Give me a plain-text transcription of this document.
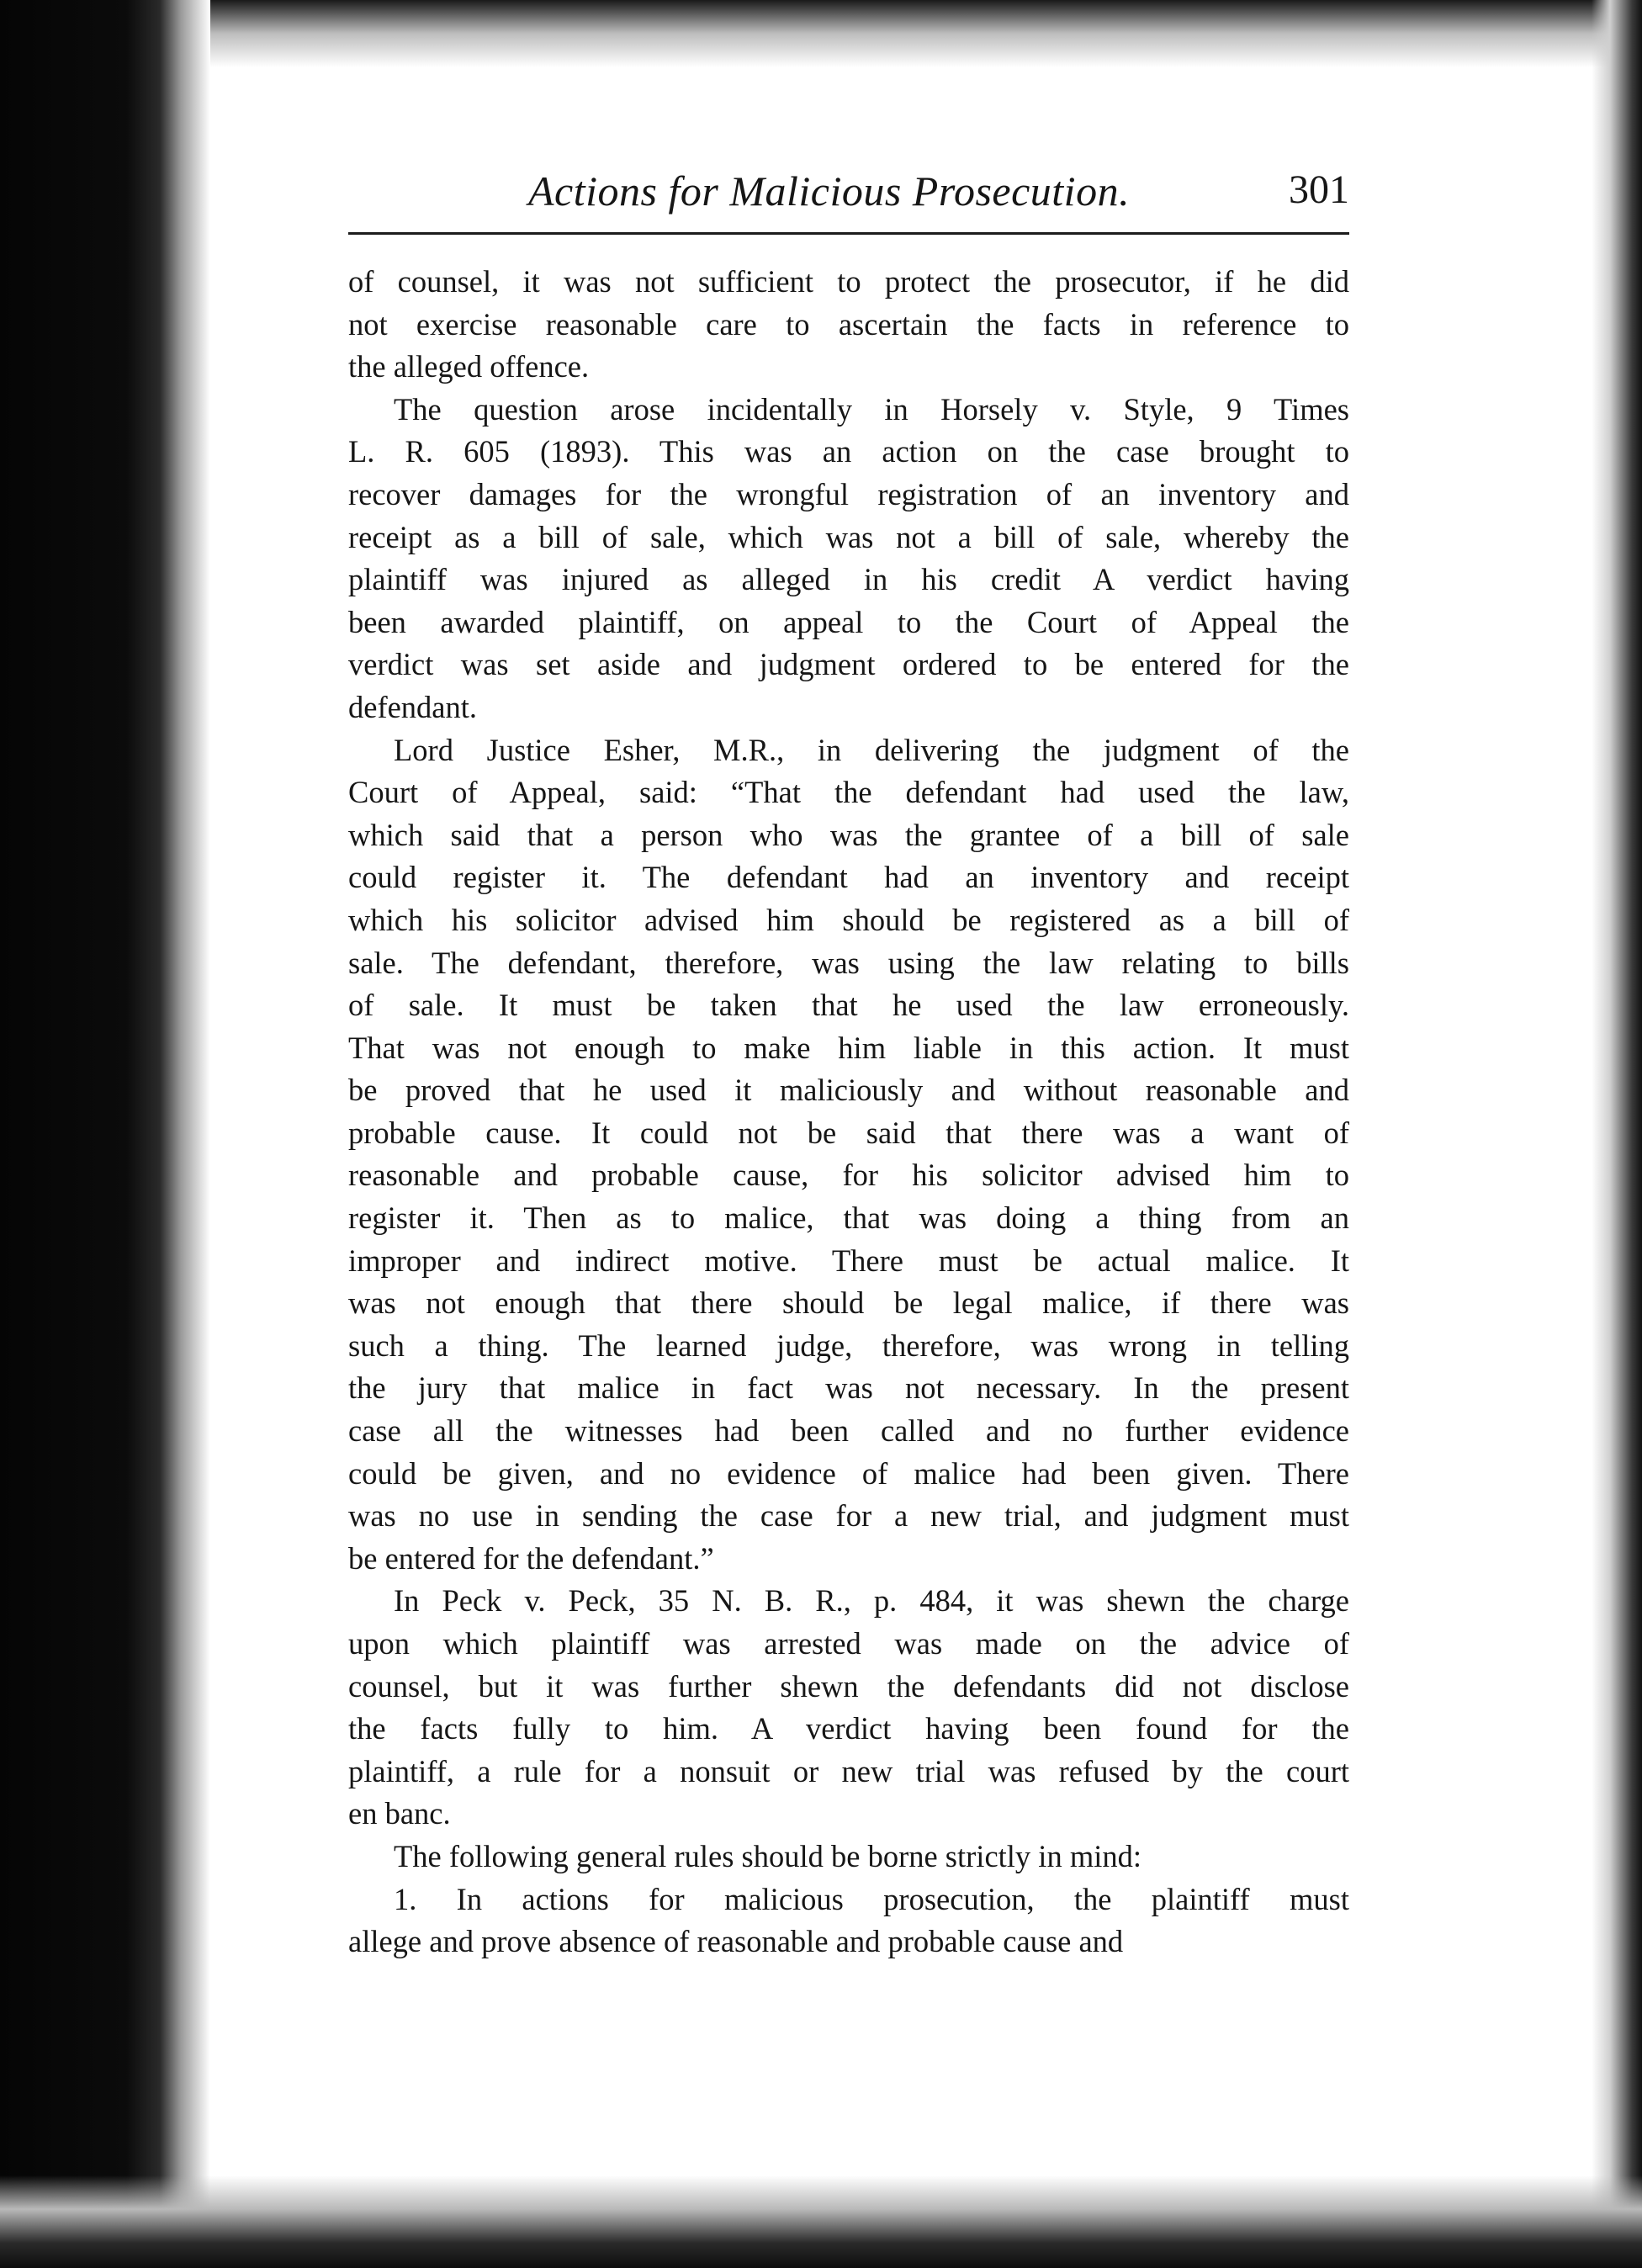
Actions for Malicious Prosecution.	301

of counsel, it was not sufficient to protect the prosecutor, if he did
not exercise reasonable care to ascertain the facts in reference to
the alleged offence.

The question arose incidentally in Horsely v. Style, 9 Times
L. R. 605 (1893). This was an action on the case brought to
recover damages for the wrongful registration of an inventory and
receipt as a bill of sale, which was not a bill of sale, whereby the
plaintiff was injured as alleged in his credit A verdict having
been awarded plaintiff, on appeal to the Court of Appeal the
verdict was set aside and judgment ordered to be entered for the
defendant.

Lord Justice Esher, M.R., in delivering the judgment of the
Court of Appeal, said: “That the defendant had used the law,
which said that a person who was the grantee of a bill of sale
could register it. The defendant had an inventory and receipt
which his solicitor advised him should be registered as a bill of
sale. The defendant, therefore, was using the law relating to bills
of sale. It must be taken that he used the law erroneously.
That was not enough to make him liable in this action. It must
be proved that he used it maliciously and without reasonable and
probable cause. It could not be said that there was a want of
reasonable and probable cause, for his solicitor advised him to
register it. Then as to malice, that was doing a thing from an
improper and indirect motive. There must be actual malice. It
was not enough that there should be legal malice, if there was
such a thing. The learned judge, therefore, was wrong in telling
the jury that malice in fact was not necessary. In the present
case all the witnesses had been called and no further evidence
could be given, and no evidence of malice had been given. There
was no use in sending the case for a new trial, and judgment must
be entered for the defendant.”

In Peck v. Peck, 35 N. B. R., p. 484, it was shewn the charge
upon which plaintiff was arrested was made on the advice of
counsel, but it was further shewn the defendants did not disclose
the facts fully to him. A verdict having been found for the
plaintiff, a rule for a nonsuit or new trial was refused by the court
en banc.

The following general rules should be borne strictly in mind:

1. In actions for malicious prosecution, the plaintiff must
allege and prove absence of reasonable and probable cause and
